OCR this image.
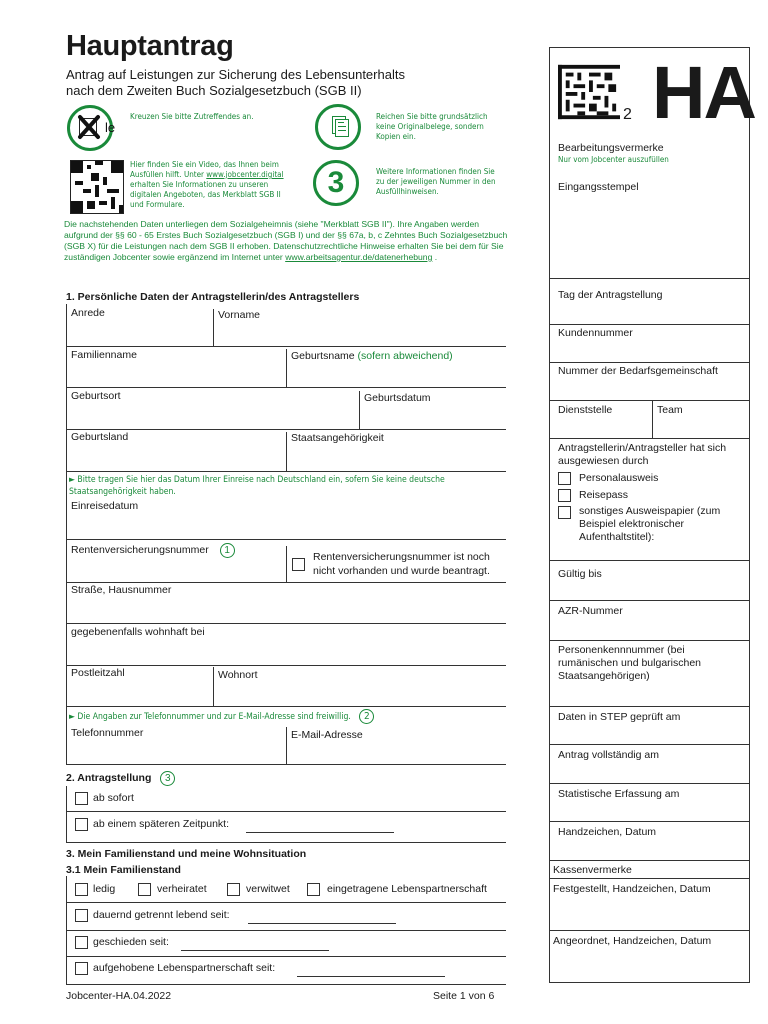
Hauptantrag
Antrag auf Leistungen zur Sicherung des Lebensunterhalts
nach dem Zweiten Buch Sozialgesetzbuch (SGB II)
le
Kreuzen Sie bitte Zutreffendes an.	Reichen Sie bitte grundsätzlich keine Originalbelege, sondern Kopien ein.
Hier finden Sie ein Video, das Ihnen beim Ausfüllen hilft. Unter www.jobcenter.digital erhalten Sie Informationen zu unseren digitalen Angeboten, das Merkblatt SGB II und Formulare.
3	Weitere Informationen finden Sie zu der jeweiligen Nummer in den Ausfüllhinweisen.
Die nachstehenden Daten unterliegen dem Sozialgeheimnis (siehe "Merkblatt SGB II"). Ihre Angaben werden aufgrund der §§ 60 - 65 Erstes Buch Sozialgesetzbuch (SGB I) und der §§ 67a, b, c Zehntes Buch Sozialgesetzbuch (SGB X) für die Leistungen nach dem SGB II erhoben. Datenschutzrechtliche Hinweise erhalten Sie bei dem für Sie zuständigen Jobcenter sowie ergänzend im Internet unter www.arbeitsagentur.de/datenerhebung .
1. Persönliche Daten der Antragstellerin/des Antragstellers
Anrede	Vorname
Familienname	Geburtsname (sofern abweichend)
Geburtsort	Geburtsdatum
Geburtsland	Staatsangehörigkeit
► Bitte tragen Sie hier das Datum Ihrer Einreise nach Deutschland ein, sofern Sie keine deutsche Staatsangehörigkeit haben.
Einreisedatum
Rentenversicherungsnummer 1
Rentenversicherungsnummer ist noch nicht vorhanden und wurde beantragt.
Straße, Hausnummer
gegebenenfalls wohnhaft bei
Postleitzahl	Wohnort
► Die Angaben zur Telefonnummer und zur E-Mail-Adresse sind freiwillig. 2
Telefonnummer	E-Mail-Adresse
2. Antragstellung 3
ab sofort
ab einem späteren Zeitpunkt:
3. Mein Familienstand und meine Wohnsituation
3.1 Mein Familienstand
ledig	verheiratet	verwitwet	eingetragene Lebenspartnerschaft
dauernd getrennt lebend seit:
geschieden seit:
aufgehobene Lebenspartnerschaft seit:
Jobcenter-HA.04.2022	Seite 1 von 6
2 HA
Bearbeitungsvermerke
Nur vom Jobcenter auszufüllen
Eingangsstempel
Tag der Antragstellung
Kundennummer
Nummer der Bedarfsgemeinschaft
Dienststelle	Team
Antragstellerin/Antragsteller hat sich ausgewiesen durch
Personalausweis
Reisepass
sonstiges Ausweispapier (zum Beispiel elektronischer Aufenthaltstitel):
Gültig bis
AZR-Nummer
Personenkennnummer (bei rumänischen und bulgarischen Staatsangehörigen)
Daten in STEP geprüft am
Antrag vollständig am
Statistische Erfassung am
Handzeichen, Datum
Kassenvermerke
Festgestellt, Handzeichen, Datum
Angeordnet, Handzeichen, Datum
